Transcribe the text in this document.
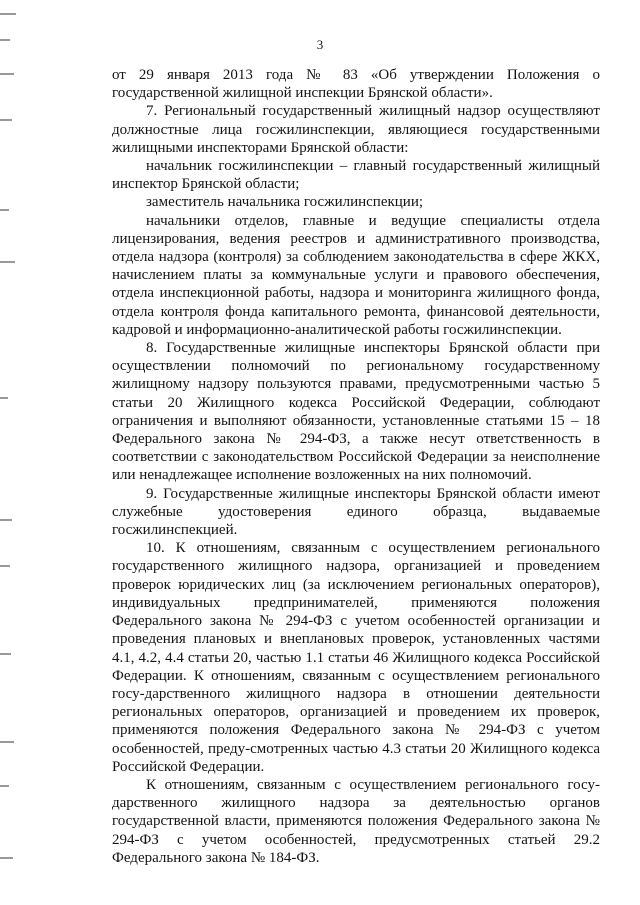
3

от 29 января 2013 года № 83 «Об утверждении Положения о государственной жилищной инспекции Брянской области».

7. Региональный государственный жилищный надзор осуществляют должностные лица госжилинспекции, являющиеся государственными жилищными инспекторами Брянской области:

начальник госжилинспекции – главный государственный жилищный инспектор Брянской области;

заместитель начальника госжилинспекции;

начальники отделов, главные и ведущие специалисты отдела лицензирования, ведения реестров и административного производства, отдела надзора (контроля) за соблюдением законодательства в сфере ЖКХ, начислением платы за коммунальные услуги и правового обеспечения, отдела инспекционной работы, надзора и мониторинга жилищного фонда, отдела контроля фонда капитального ремонта, финансовой деятельности, кадровой и информационно-аналитической работы госжилинспекции.

8. Государственные жилищные инспекторы Брянской области при осуществлении полномочий по региональному государственному жилищному надзору пользуются правами, предусмотренными частью 5 статьи 20 Жилищного кодекса Российской Федерации, соблюдают ограничения и выполняют обязанности, установленные статьями 15 – 18 Федерального закона № 294-ФЗ, а также несут ответственность в соответствии с законодательством Российской Федерации за неисполнение или ненадлежащее исполнение возложенных на них полномочий.

9. Государственные жилищные инспекторы Брянской области имеют служебные удостоверения единого образца, выдаваемые госжилинспекцией.

10. К отношениям, связанным с осуществлением регионального государственного жилищного надзора, организацией и проведением проверок юридических лиц (за исключением региональных операторов), индивидуальных предпринимателей, применяются положения Федерального закона № 294-ФЗ с учетом особенностей организации и проведения плановых и внеплановых проверок, установленных частями 4.1, 4.2, 4.4 статьи 20, частью 1.1 статьи 46 Жилищного кодекса Российской Федерации. К отношениям, связанным с осуществлением регионального госу-дарственного жилищного надзора в отношении деятельности региональных операторов, организацией и проведением их проверок, применяются положения Федерального закона № 294-ФЗ с учетом особенностей, преду-смотренных частью 4.3 статьи 20 Жилищного кодекса Российской Федерации.

К отношениям, связанным с осуществлением регионального госу-дарственного жилищного надзора за деятельностью органов государственной власти, применяются положения Федерального закона № 294-ФЗ с учетом особенностей, предусмотренных статьей 29.2 Федерального закона № 184-ФЗ.
